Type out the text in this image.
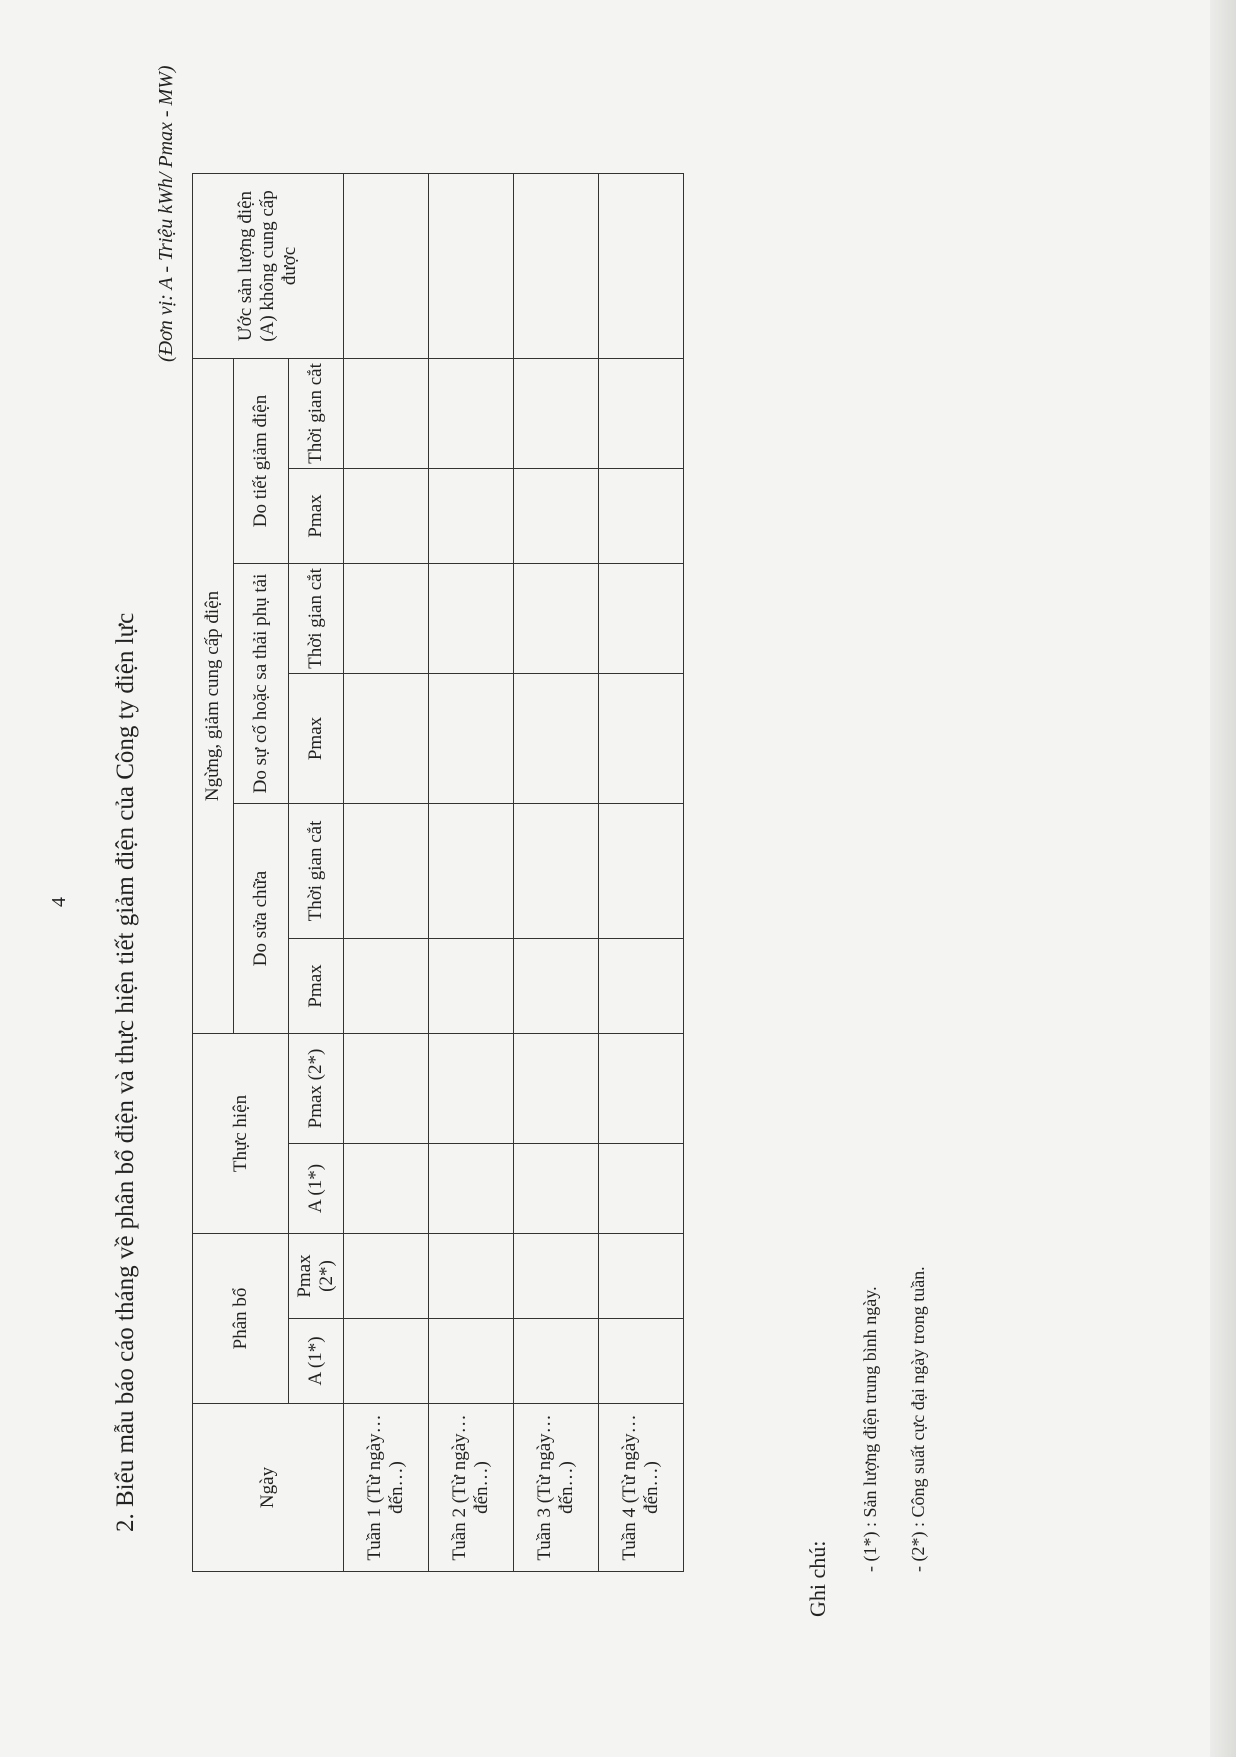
4 2. Biểu mẫu báo cáo tháng về phân bổ điện và thực hiện tiết giảm điện của Công ty điện lực
(Đơn vị: A - Triệu kWh/ Pmax - MW)
Ngày	Phân bổ		Thực hiện		Ngừng, giảm cung cấp điện						Ước sản lượng điện (A) không cung cấp được
					Do sửa chữa		Do sự cố hoặc sa thải phụ tải		Do tiết giảm điện		
	A (1*)	Pmax (2*)	A (1*)	Pmax (2*)	Pmax	Thời gian cắt	Pmax	Thời gian cắt	Pmax	Thời gian cắt	
Tuần 1 (Từ ngày…đến…)											
Tuần 2 (Từ ngày…đến…)											
Tuần 3 (Từ ngày…đến…)											
Tuần 4 (Từ ngày…đến…)											
Ghi chú:
- (1*) : Sản lượng điện trung bình ngày. - (2*) : Công suất cực đại ngày trong tuần.
